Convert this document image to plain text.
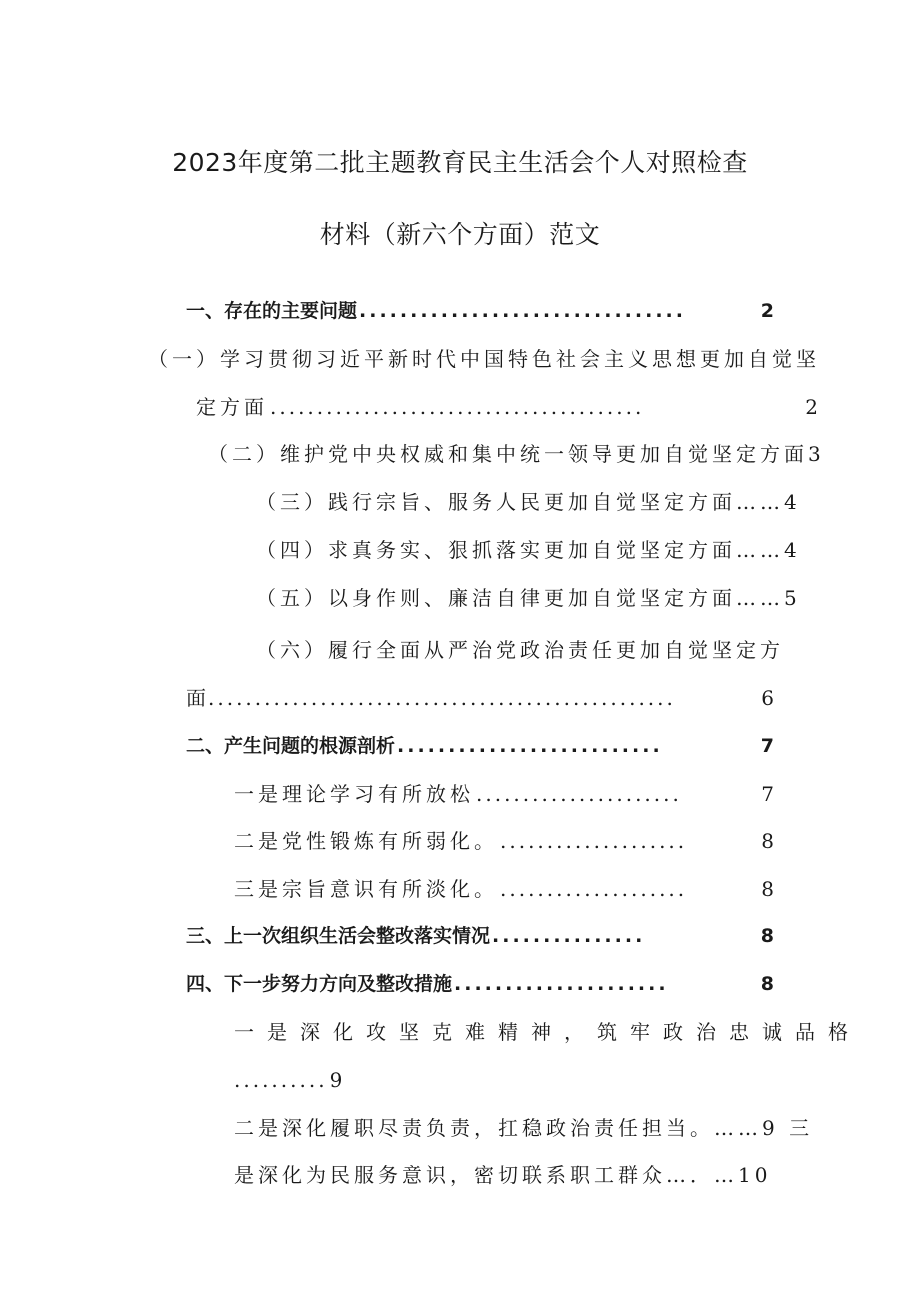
2023年度第二批主题教育民主生活会个人对照检查
材料（新六个方面）范文
一、存在的主要问题 ................................	2
（一）学习贯彻习近平新时代中国特色社会主义思想更加自觉坚
定方面 ........................................	2
（二）维护党中央权威和集中统一领导更加自觉坚定方面 3
（三）践行宗旨、服务人民更加自觉坚定方面…… 4
（四）求真务实、狠抓落实更加自觉坚定方面…… 4
（五）以身作则、廉洁自律更加自觉坚定方面…… 5
（六）履行全面从严治党政治责任更加自觉坚定方
面 ..................................................	6
二、产生问题的根源剖析 ..........................	7
一是理论学习有所放松 ......................	7
二是党性锻炼有所弱化。 ....................	8
三是宗旨意识有所淡化。 ....................	8
三、上一次组织生活会整改落实情况 ...............	8
四、下一步努力方向及整改措施 .....................	8
一是深化攻坚克难精神，筑牢政治忠诚品格
.......... 9
二是深化履职尽责负责，扛稳政治责任担当。……9 三
是深化为民服务意识，密切联系职工群众…．…10
